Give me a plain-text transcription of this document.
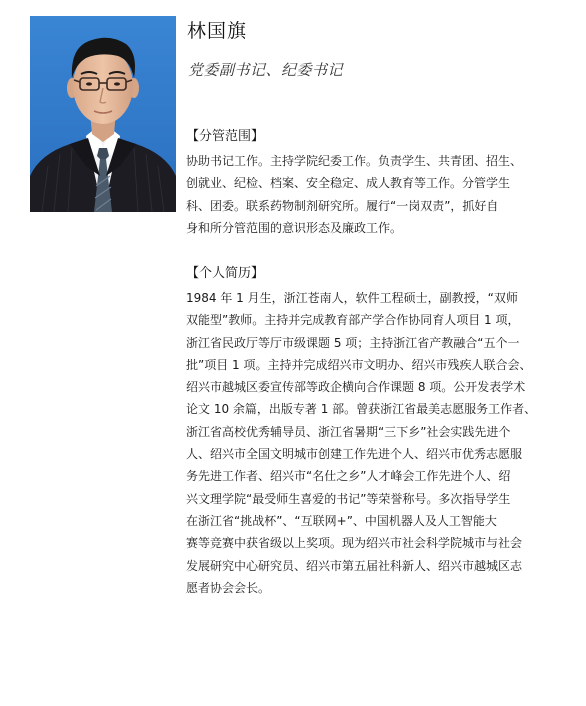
林国旗
党委副书记、纪委书记
【分管范围】
协助书记工作。主持学院纪委工作。负责学生、共青团、招生、
创就业、纪检、档案、安全稳定、成人教育等工作。分管学生
科、团委。联系药物制剂研究所。履行“一岗双责”，抓好自
身和所分管范围的意识形态及廉政工作。
【个人简历】
1984 年 1 月生，浙江苍南人，软件工程硕士，副教授，“双师
双能型”教师。主持并完成教育部产学合作协同育人项目 1 项，
浙江省民政厅等厅市级课题 5 项；主持浙江省产教融合“五个一
批”项目 1 项。主持并完成绍兴市文明办、绍兴市残疾人联合会、
绍兴市越城区委宣传部等政企横向合作课题 8 项。公开发表学术
论文 10 余篇，出版专著 1 部。曾获浙江省最美志愿服务工作者、
浙江省高校优秀辅导员、浙江省暑期“三下乡”社会实践先进个
人、绍兴市全国文明城市创建工作先进个人、绍兴市优秀志愿服
务先进工作者、绍兴市“名仕之乡”人才峰会工作先进个人、绍
兴文理学院“最受师生喜爱的书记”等荣誉称号。多次指导学生
在浙江省“挑战杯”、“互联网+”、中国机器人及人工智能大
赛等竞赛中获省级以上奖项。现为绍兴市社会科学院城市与社会
发展研究中心研究员、绍兴市第五届社科新人、绍兴市越城区志
愿者协会会长。
